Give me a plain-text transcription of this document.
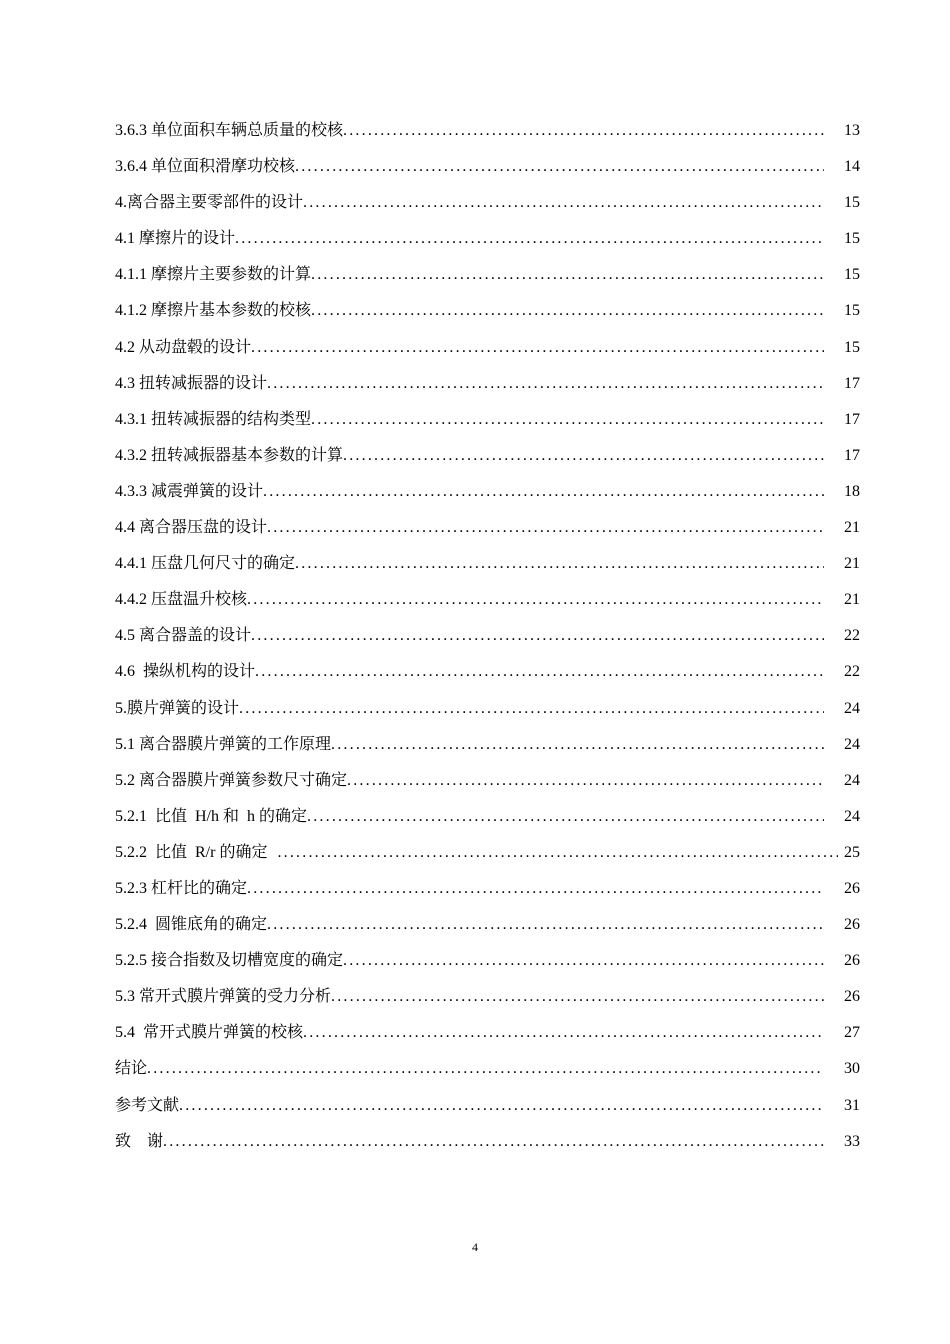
3.6.3 单位面积车辆总质量的校核 .....	13
3.6.4 单位面积滑摩功校核 .....	14
4.离合器主要零部件的设计 .....	15
4.1 摩擦片的设计 .....	15
4.1.1 摩擦片主要参数的计算 .....	15
4.1.2 摩擦片基本参数的校核 .....	15
4.2 从动盘毂的设计 .....	15
4.3 扭转减振器的设计 .....	17
4.3.1 扭转减振器的结构类型 .....	17
4.3.2 扭转减振器基本参数的计算 .....	17
4.3.3 减震弹簧的设计 .....	18
4.4 离合器压盘的设计 .....	21
4.4.1 压盘几何尺寸的确定 .....	21
4.4.2 压盘温升校核 .....	21
4.5 离合器盖的设计 .....	22
4.6  操纵机构的设计 .....	22
5.膜片弹簧的设计 .....	24
5.1 离合器膜片弹簧的工作原理 .....	24
5.2 离合器膜片弹簧参数尺寸确定 .....	24
5.2.1  比值  H/h 和  h 的确定 .....	24
5.2.2  比值  R/r 的确定 .....	25
5.2.3 杠杆比的确定 .....	26
5.2.4  圆锥底角的确定 .....	26
5.2.5 接合指数及切槽宽度的确定 .....	26
5.3 常开式膜片弹簧的受力分析 .....	26
5.4  常开式膜片弹簧的校核 .....	27
结论 .....	30
参考文献 .....	31
致    谢 .....	33
4
